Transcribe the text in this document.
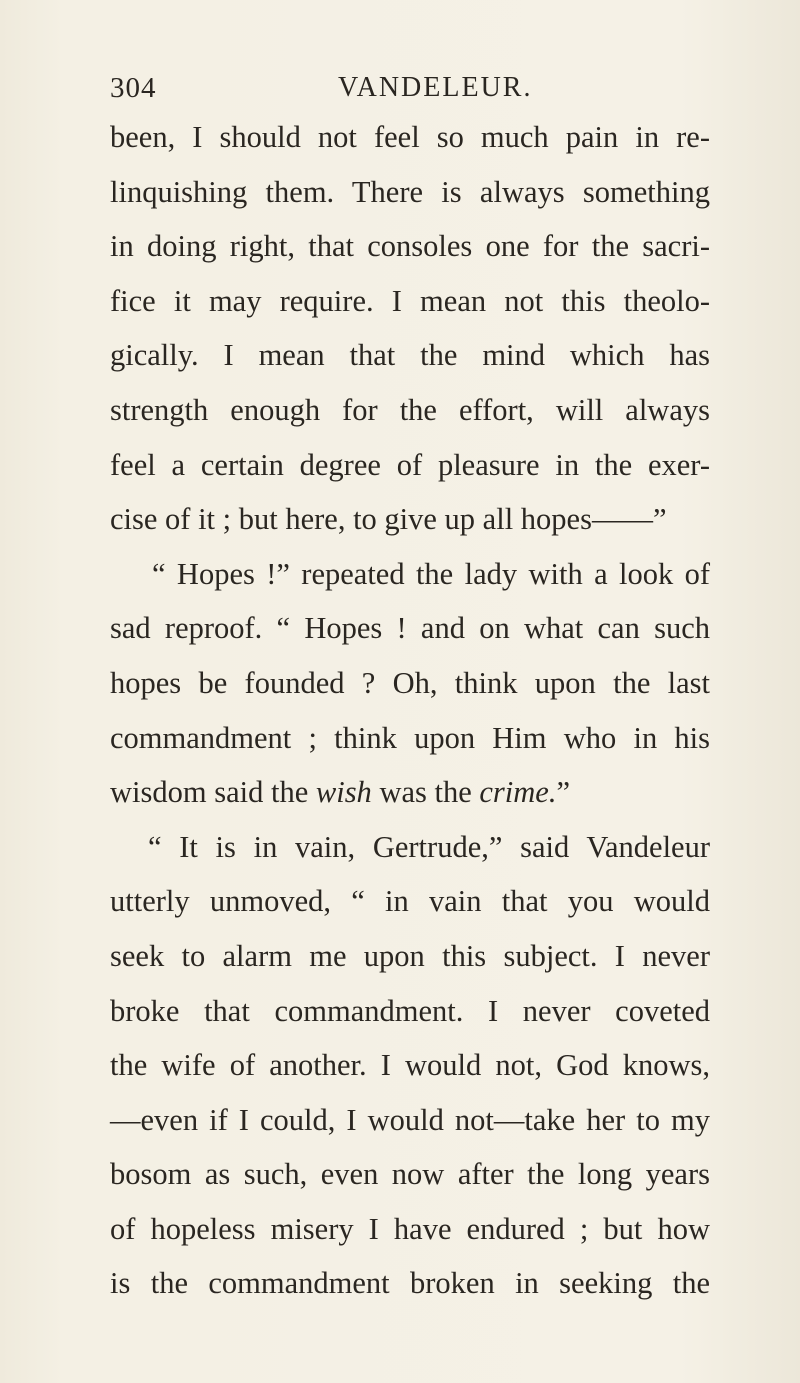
304	VANDELEUR.
been, I should not feel so much pain in re-
linquishing them. There is always something
in doing right, that consoles one for the sacri-
fice it may require. I mean not this theolo-
gically. I mean that the mind which has
strength enough for the effort, will always
feel a certain degree of pleasure in the exer-
cise of it ; but here, to give up all hopes——”
“ Hopes !” repeated the lady with a look of
sad reproof. “ Hopes ! and on what can such
hopes be founded ? Oh, think upon the last
commandment ; think upon Him who in his
wisdom said the wish was the crime.”
“ It is in vain, Gertrude,” said Vandeleur
utterly unmoved, “ in vain that you would
seek to alarm me upon this subject. I never
broke that commandment. I never coveted
the wife of another. I would not, God knows,
—even if I could, I would not—take her to my
bosom as such, even now after the long years
of hopeless misery I have endured ; but how
is the commandment broken in seeking the
